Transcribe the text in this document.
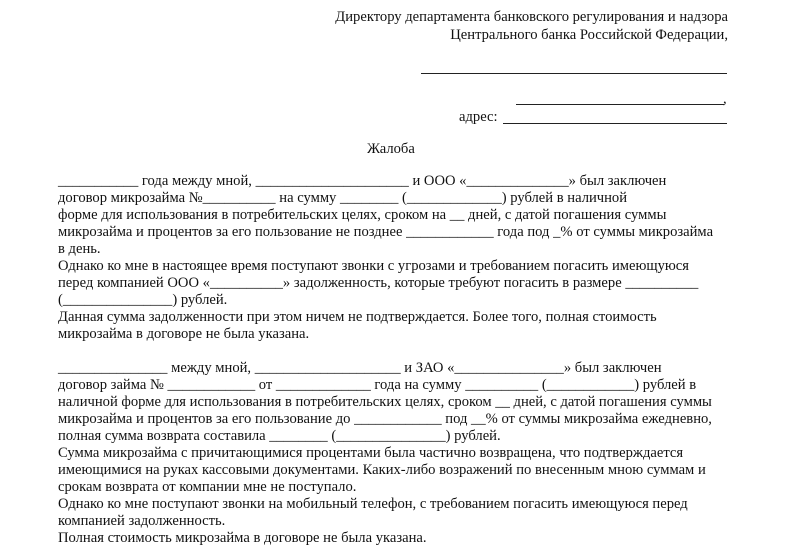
Директору департамента банковского регулирования и надзора
Центрального банка Российской Федерации,
,
адрес:
Жалоба
___________ года между мной, _____________________ и ООО «______________» был заключен
договор микрозайма №__________ на сумму ________ (_____________) рублей в наличной
форме для использования в потребительских целях, сроком на __ дней, с датой погашения суммы
микрозайма и процентов за его пользование не позднее ____________ года под _% от суммы микрозайма
в день.
Однако ко мне в настоящее время поступают звонки с угрозами и требованием погасить имеющуюся
перед компанией ООО «__________» задолженность, которые требуют погасить в размере __________
(_______________) рублей.
Данная сумма задолженности при этом ничем не подтверждается. Более того, полная стоимость
микрозайма в договоре не была указана.
_______________ между мной, ____________________ и ЗАО «_______________» был заключен
договор займа № ____________ от _____________ года на сумму __________ (____________) рублей в
наличной форме для использования в потребительских целях, сроком __ дней, с датой погашения суммы
микрозайма и процентов за его пользование до ____________ под __% от суммы микрозайма ежедневно,
полная сумма возврата составила ________ (_______________) рублей.
Сумма микрозайма с причитающимися процентами была частично возвращена, что подтверждается
имеющимися на руках кассовыми документами. Каких-либо возражений по внесенным мною суммам и
срокам возврата от компании мне не поступало.
Однако ко мне поступают звонки на мобильный телефон, с требованием погасить имеющуюся перед
компанией задолженность.
Полная стоимость микрозайма в договоре не была указана.
